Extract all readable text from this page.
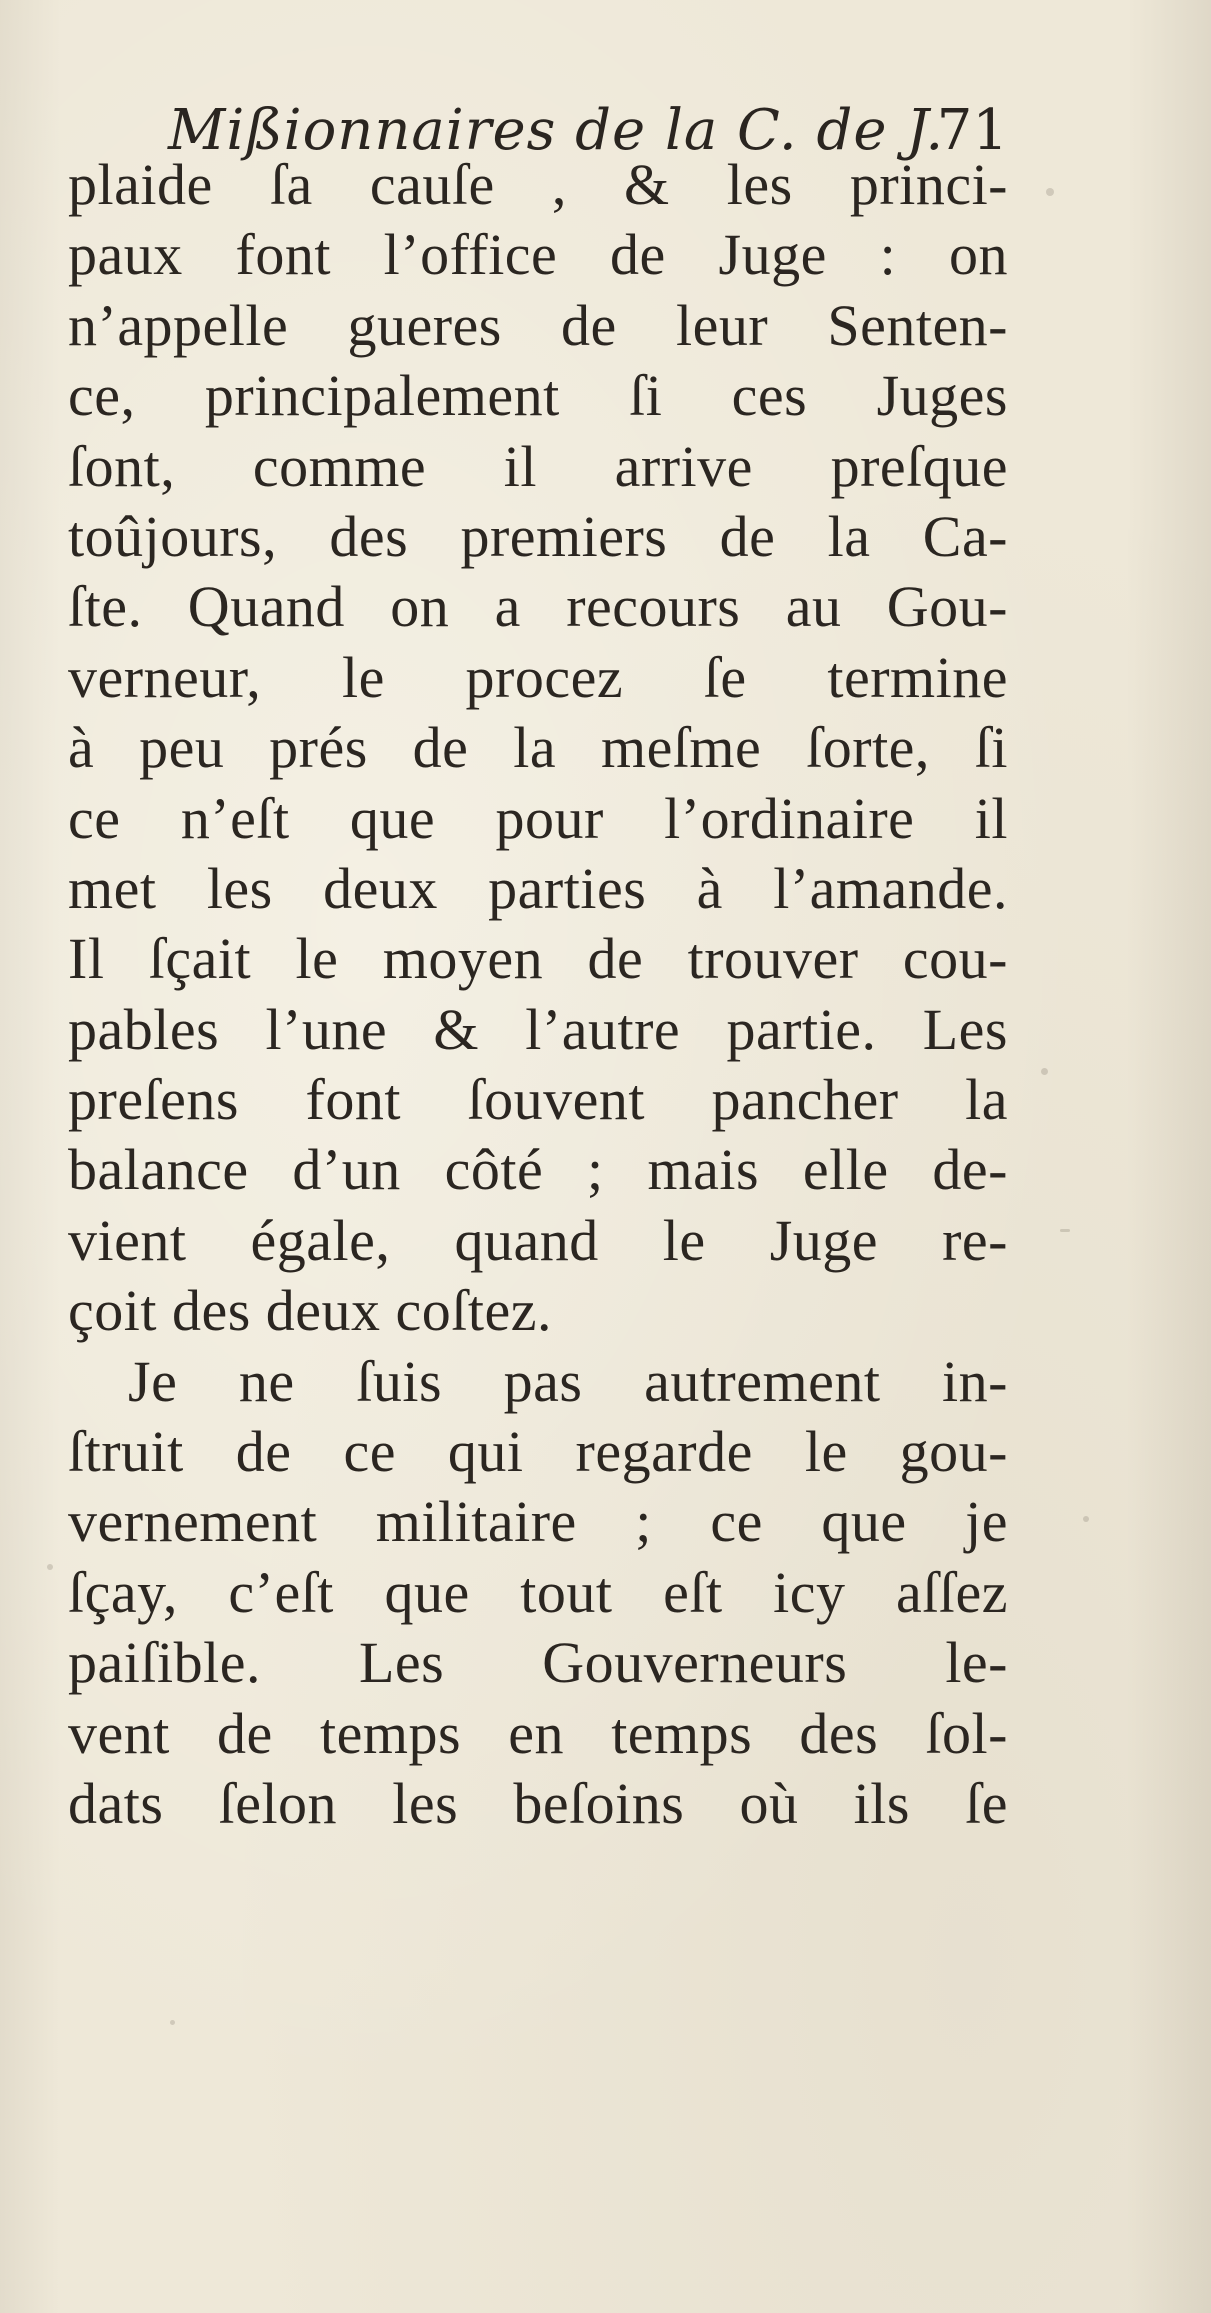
Mißionnaires de la C. de J.
71
plaide ſa cauſe , & les princi-
paux font l’office de Juge : on
n’appelle gueres de leur Senten-
ce, principalement ſi ces Juges
ſont, comme il arrive preſque
toûjours, des premiers de la Ca-
ſte. Quand on a recours au Gou-
verneur, le procez ſe termine
à peu prés de la meſme ſorte, ſi
ce n’eſt que pour l’ordinaire il
met les deux parties à l’amande.
Il ſçait le moyen de trouver cou-
pables l’une & l’autre partie. Les
preſens font ſouvent pancher la
balance d’un côté ; mais elle de-
vient égale, quand le Juge re-
çoit des deux coſtez.
Je ne ſuis pas autrement in-
ſtruit de ce qui regarde le gou-
vernement militaire ; ce que je
ſçay, c’eſt que tout eſt icy aſſez
paiſible. Les Gouverneurs le-
vent de temps en temps des ſol-
dats ſelon les beſoins où ils ſe
